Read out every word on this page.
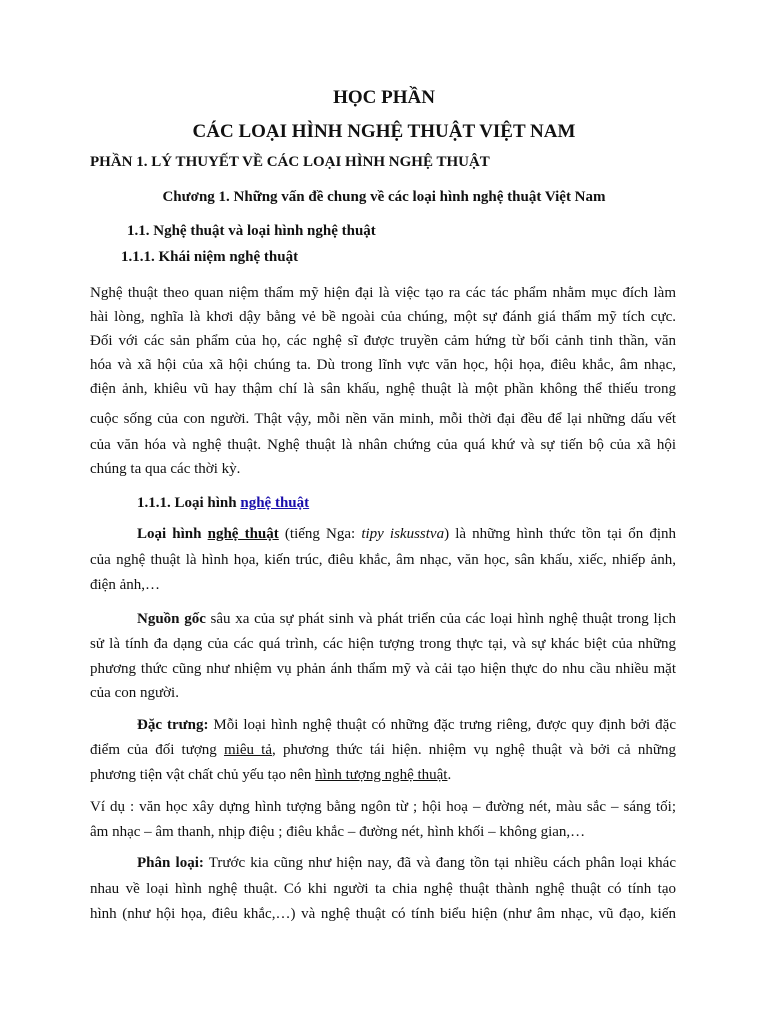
HỌC PHẦN
CÁC LOẠI HÌNH NGHỆ THUẬT VIỆT NAM
PHẦN 1. LÝ THUYẾT VỀ CÁC LOẠI HÌNH NGHỆ THUẬT
Chương 1. Những vấn đề chung về các loại hình nghệ thuật Việt Nam
1.1. Nghệ thuật và loại hình nghệ thuật
1.1.1. Khái niệm nghệ thuật
Nghệ thuật theo quan niệm thẩm mỹ hiện đại là việc tạo ra các tác phẩm nhằm mục đích làm
hài lòng, nghĩa là khơi dậy bằng vẻ bề ngoài của chúng, một sự đánh giá thẩm mỹ tích cực.
Đối với các sản phẩm của họ, các nghệ sĩ được truyền cảm hứng từ bối cảnh tinh thần, văn
hóa và xã hội của xã hội chúng ta. Dù trong lĩnh vực văn học, hội họa, điêu khắc, âm nhạc,
điện ảnh, khiêu vũ hay thậm chí là sân khấu, nghệ thuật là một phần không thể thiếu trong
cuộc sống của con người. Thật vậy, mỗi nền văn minh, mỗi thời đại đều để lại những dấu vết
của văn hóa và nghệ thuật. Nghệ thuật là nhân chứng của quá khứ và sự tiến bộ của xã hội
chúng ta qua các thời kỳ.
1.1.1. Loại hình nghệ thuật
Loại hình nghệ thuật (tiếng Nga: tipy iskusstva) là những hình thức tồn tại ổn định
của nghệ thuật là hình họa, kiến trúc, điêu khắc, âm nhạc, văn học, sân khấu, xiếc, nhiếp ảnh,
điện ảnh,…
Nguồn gốc sâu xa của sự phát sinh và phát triển của các loại hình nghệ thuật trong lịch
sử là tính đa dạng của các quá trình, các hiện tượng trong thực tại, và sự khác biệt của những
phương thức cũng như nhiệm vụ phản ánh thẩm mỹ và cải tạo hiện thực do nhu cầu nhiều mặt
của con người.
Đặc trưng: Mỗi loại hình nghệ thuật có những đặc trưng riêng, được quy định bởi đặc
điểm của đối tượng miêu tả, phương thức tái hiện. nhiệm vụ nghệ thuật và bởi cả những
phương tiện vật chất chủ yếu tạo nên hình tượng nghệ thuật.
Ví dụ : văn học xây dựng hình tượng bằng ngôn từ ; hội hoạ – đường nét, màu sắc – sáng tối;
âm nhạc – âm thanh, nhịp điệu ; điêu khắc – đường nét, hình khối – không gian,…
Phân loại: Trước kia cũng như hiện nay, đã và đang tồn tại nhiều cách phân loại khác
nhau về loại hình nghệ thuật. Có khi người ta chia nghệ thuật thành nghệ thuật có tính tạo
hình (như hội họa, điêu khắc,…) và nghệ thuật có tính biểu hiện (như âm nhạc, vũ đạo, kiến
